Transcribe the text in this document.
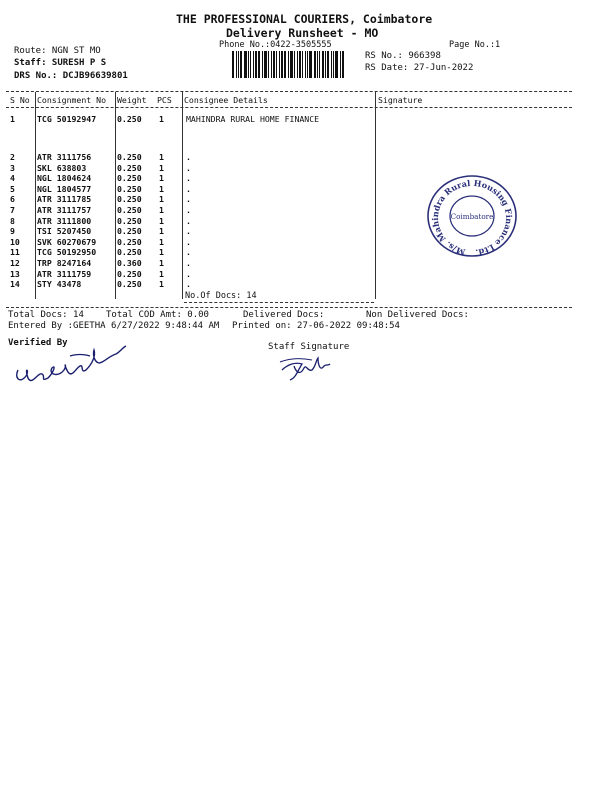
THE PROFESSIONAL COURIERS, Coimbatore
Delivery Runsheet - MO
Phone No.:0422-3505555	Page No.:1
Route: NGN ST MO
Staff: SURESH P S
DRS No.: DCJB96639801
RS No.: 966398
RS Date: 27-Jun-2022
S No Consignment No Weight PCS Consignee Details	Signature
1	TCG 50192947	0.250 1	MAHINDRA RURAL HOME FINANCE
2	ATR 3111756	0.250 1	.
3	SKL 638803	0.250 1	.
4	NGL 1804624	0.250 1	.
5	NGL 1804577	0.250 1	.
6	ATR 3111785	0.250 1	.
7	ATR 3111757	0.250 1	.
8	ATR 3111800	0.250 1	.
9	TSI 5207450	0.250 1	.
10 SVK 60270679	0.250 1	.
11 TCG 50192950	0.250 1	.
12 TRP 8247164	0.360 1	.
13 ATR 3111759	0.250 1	.
14 STY 43478	0.250 1	.
No.Of Docs: 14
Total Docs: 14 Total COD Amt: 0.00	Delivered Docs:	Non Delivered Docs:
Entered By :GEETHA 6/27/2022 9:48:44 AM Printed on: 27-06-2022 09:48:54
Verified By	Staff Signature
M/s. Mahindra Rural Housing Finance Ltd.
Coimbatore
